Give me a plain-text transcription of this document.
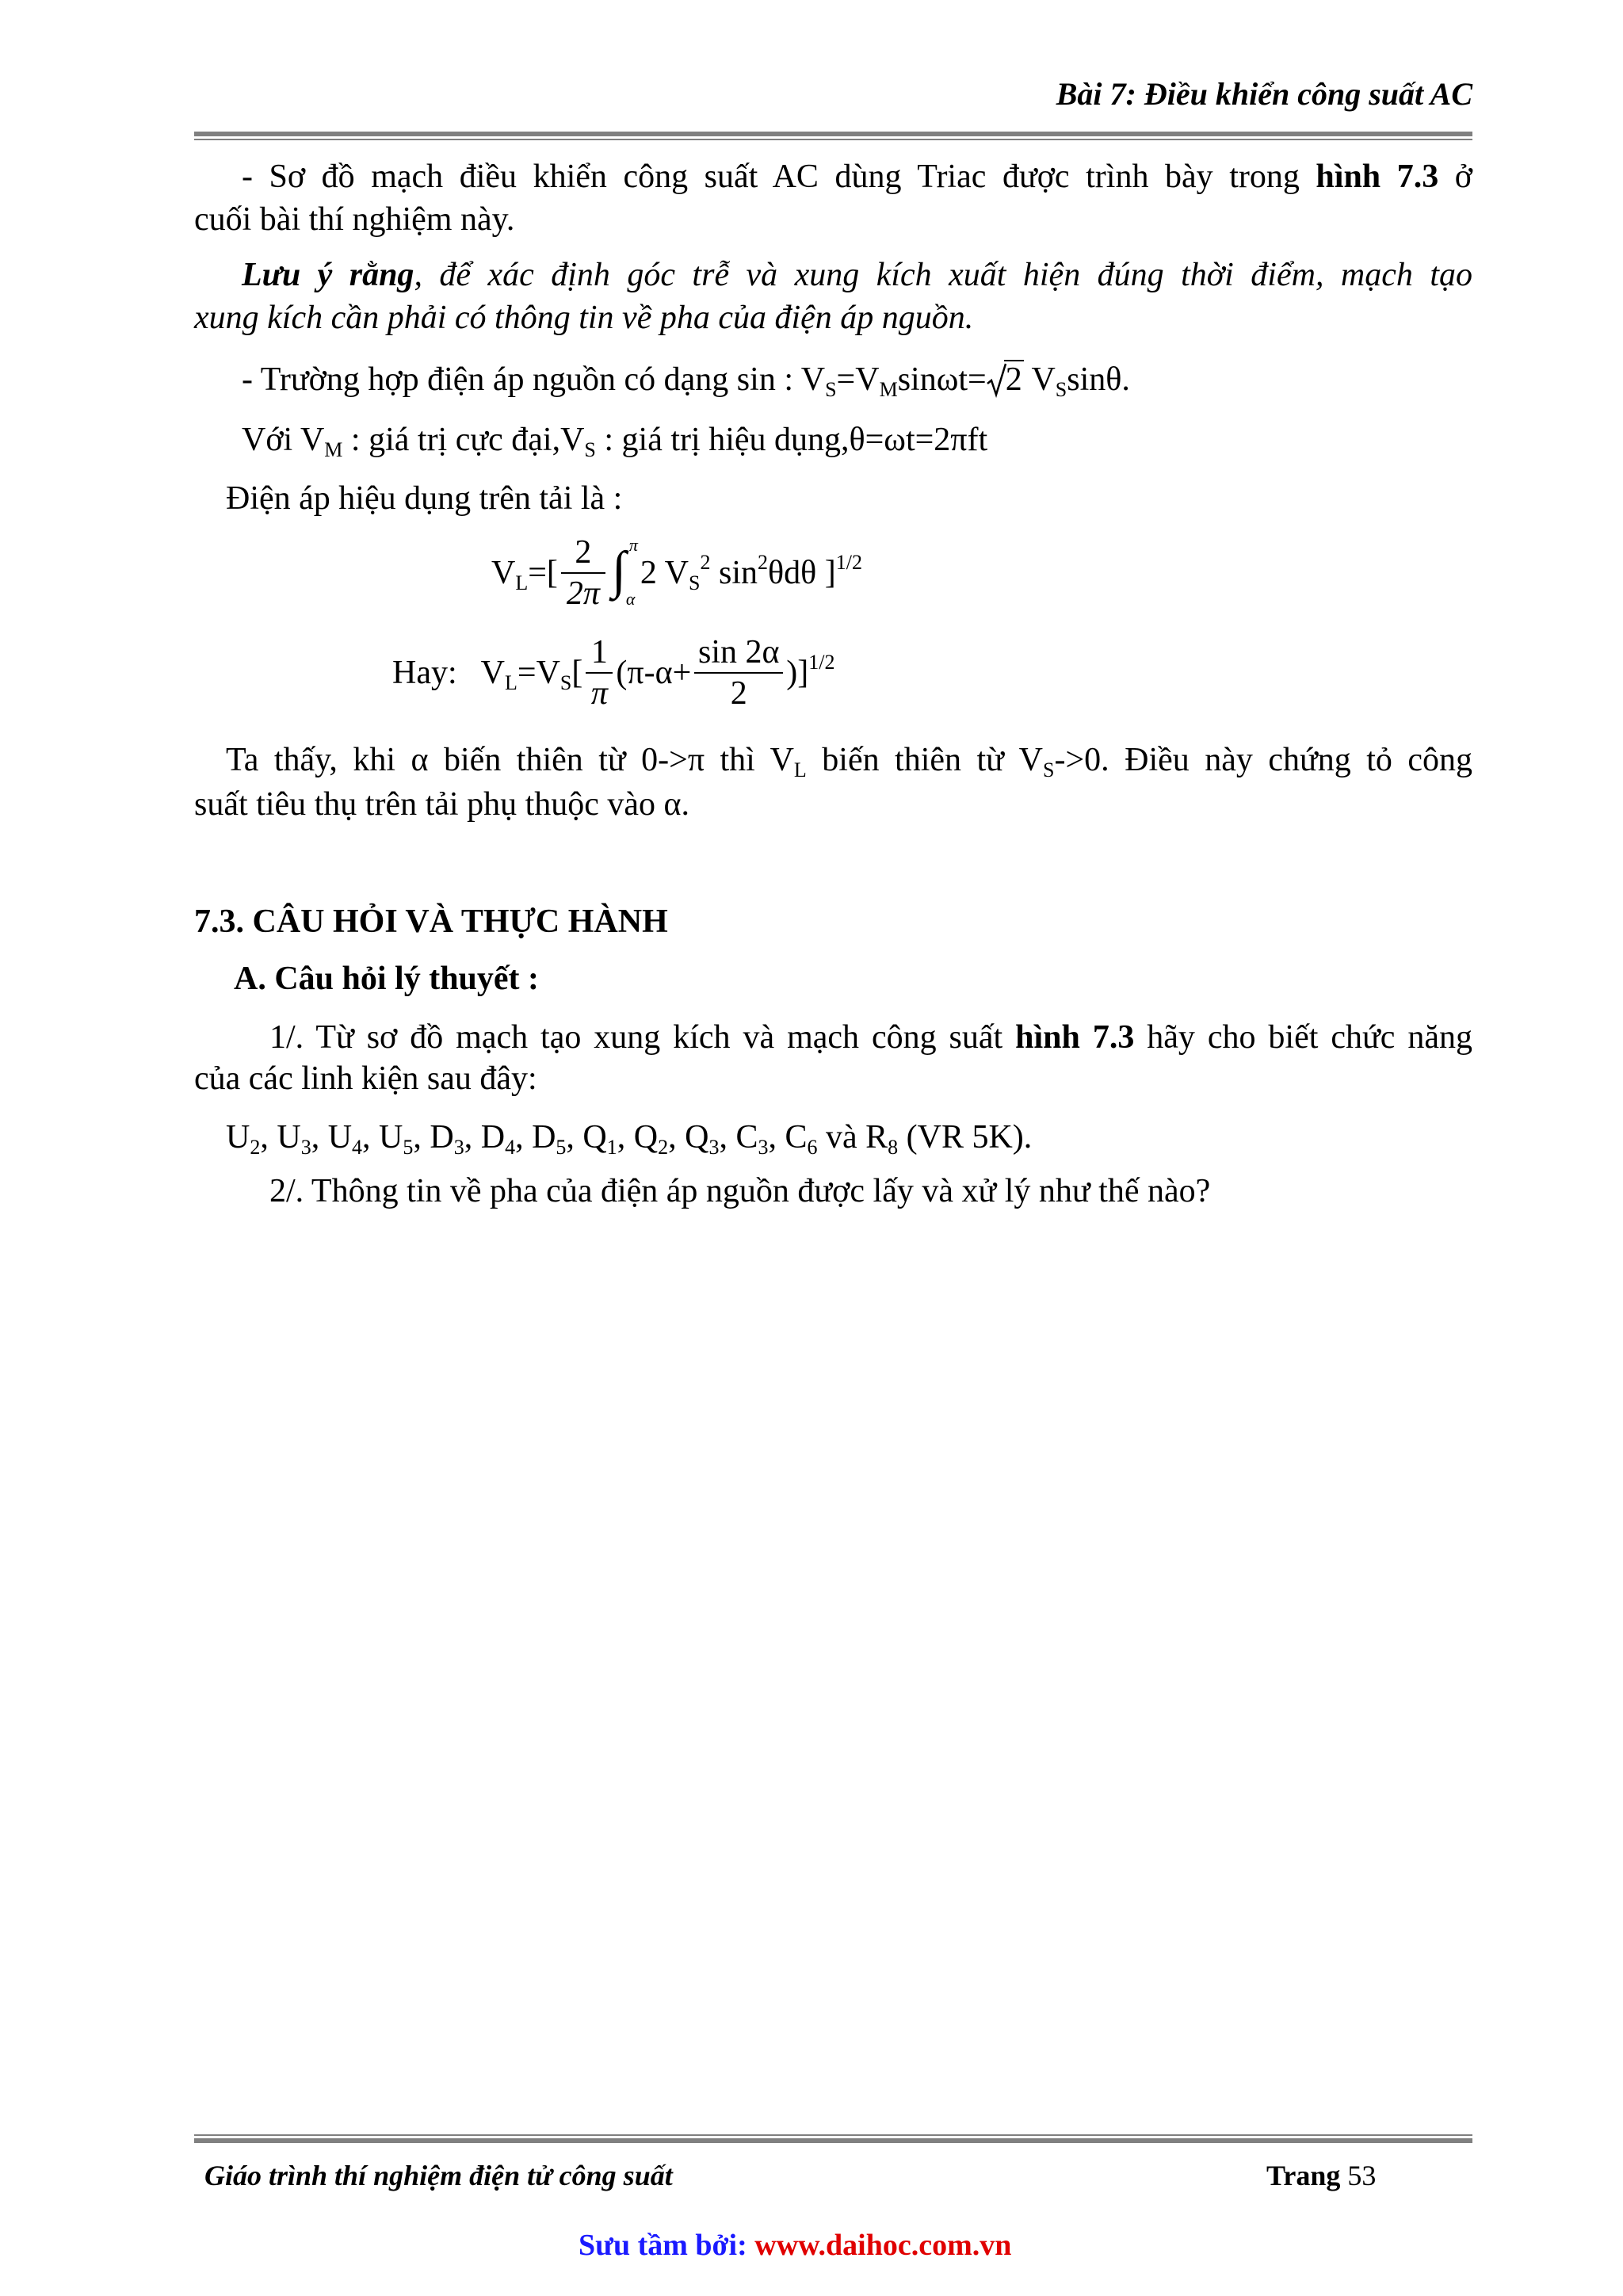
Bài 7: Điều khiển công suất AC
- Sơ đồ mạch điều khiển công suất AC dùng Triac được trình bày trong hình 7.3 ở
cuối bài thí nghiệm này.
Lưu ý rằng, để xác định góc trễ và xung kích xuất hiện đúng thời điểm, mạch tạo
xung kích cần phải có thông tin về pha của điện áp nguồn.
- Trường hợp điện áp nguồn có dạng sin : $V_S=V_M\sin\omega t= 2$ $V_S\sin\theta$.
Với $V_M$ : giá trị cực $đại,V_S$ : giá trị hiệu dụng,θ=ωt=2πft
Điện áp hiệu dụng trên tải là :
$V_L=[ \frac{2}{2\pi}$ ∫ π
α
2 $V_S^2$ $\sin^2\theta d\theta$ ]$^{1/2}$
Hay: $V_L=V_S[ \frac{1}{\pi} (\pi-\alpha+ \frac{\sin 2\alpha}{2} )]^{1/2}$
Ta thấy, khi α biến thiên từ 0->π thì $V_L$ biến thiên từ $V_S->0$. Điều này chứng tỏ công
suất tiêu thụ trên tải phụ thuộc vào α.
7.3. CÂU HỎI VÀ THỰC HÀNH
A. Câu hỏi lý thuyết :
1/. Từ sơ đồ mạch tạo xung kích và mạch công suất hình 7.3 hãy cho biết chức năng
của các linh kiện sau đây:
$U_2$, $U_3$, $U_4$, $U_5$, $D_3$, $D_4$, $D_5$, $Q_1$, $Q_2$, $Q_3$, $C_3$, $C_6$ và $R_8$ (VR 5K).
2/. Thông tin về pha của điện áp nguồn được lấy và xử lý như thế nào?
Giáo trình thí nghiệm điện tử công suất	Trang 53
Sưu tầm bởi: www.daihoc.com.vn
